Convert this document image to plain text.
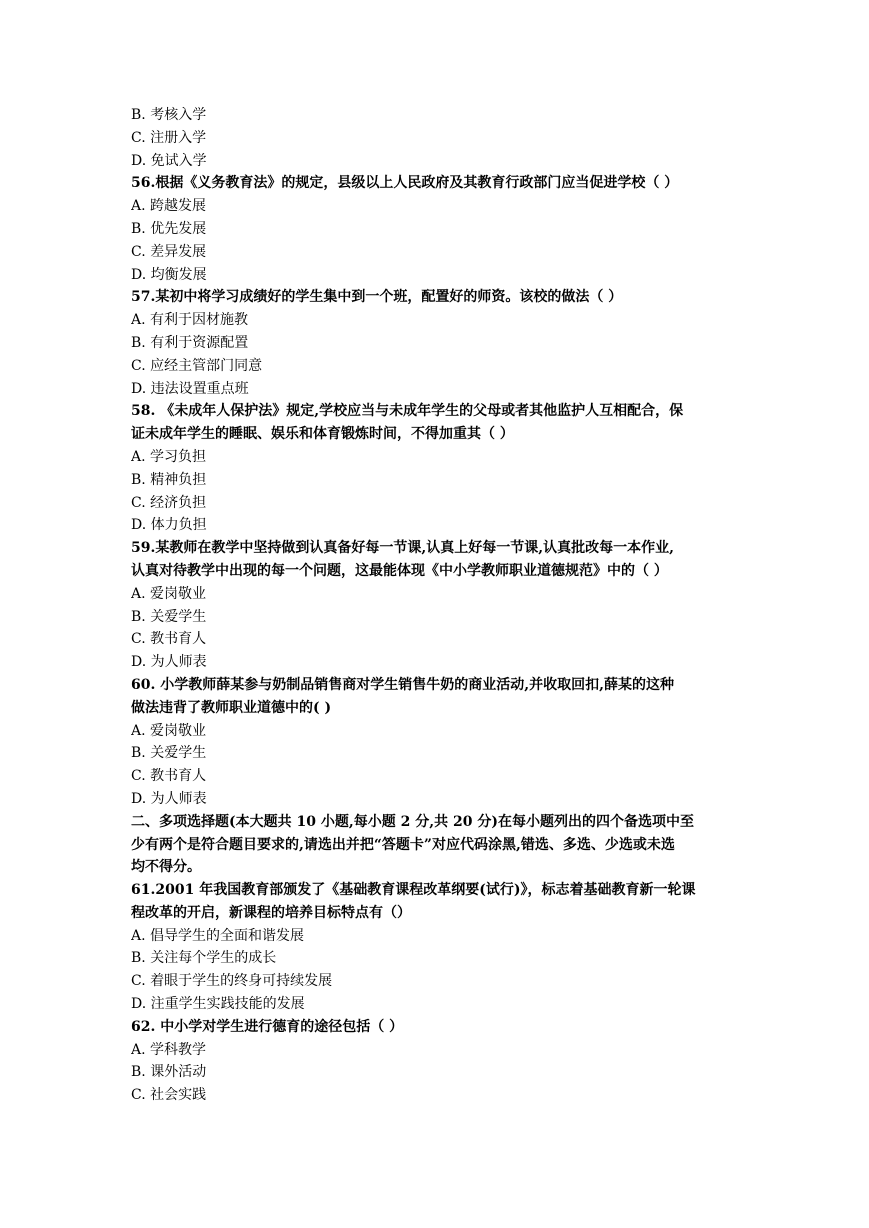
B. 考核入学
C. 注册入学
D. 免试入学
56.根据《义务教育法》的规定，县级以上人民政府及其教育行政部门应当促进学校（ ）
A. 跨越发展
B. 优先发展
C. 差异发展
D. 均衡发展
57.某初中将学习成绩好的学生集中到一个班，配置好的师资。该校的做法（ ）
A. 有利于因材施教
B. 有利于资源配置
C. 应经主管部门同意
D. 违法设置重点班
58. 《未成年人保护法》规定,学校应当与未成年学生的父母或者其他监护人互相配合，保
证未成年学生的睡眠、娱乐和体育锻炼时间，不得加重其（ ）
A. 学习负担
B. 精神负担
C. 经济负担
D. 体力负担
59.某教师在教学中坚持做到认真备好每一节课,认真上好每一节课,认真批改每一本作业,
认真对待教学中出现的每一个问题，这最能体现《中小学教师职业道德规范》中的（ ）
A. 爱岗敬业
B. 关爱学生
C. 教书育人
D. 为人师表
60. 小学教师薛某参与奶制品销售商对学生销售牛奶的商业活动,并收取回扣,薛某的这种
做法违背了教师职业道德中的( )
A. 爱岗敬业
B. 关爱学生
C. 教书育人
D. 为人师表
二、多项选择题(本大题共 10 小题,每小题 2 分,共 20 分)在每小题列出的四个备选项中至
少有两个是符合题目要求的,请选出并把“答题卡”对应代码涂黑,错选、多选、少选或未选
均不得分。
61.2001 年我国教育部颁发了《基础教育课程改革纲要(试行)》，标志着基础教育新一轮课
程改革的开启，新课程的培养目标特点有（）
A. 倡导学生的全面和谐发展
B. 关注每个学生的成长
C. 着眼于学生的终身可持续发展
D. 注重学生实践技能的发展
62. 中小学对学生进行德育的途径包括（ ）
A. 学科教学
B. 课外活动
C. 社会实践
